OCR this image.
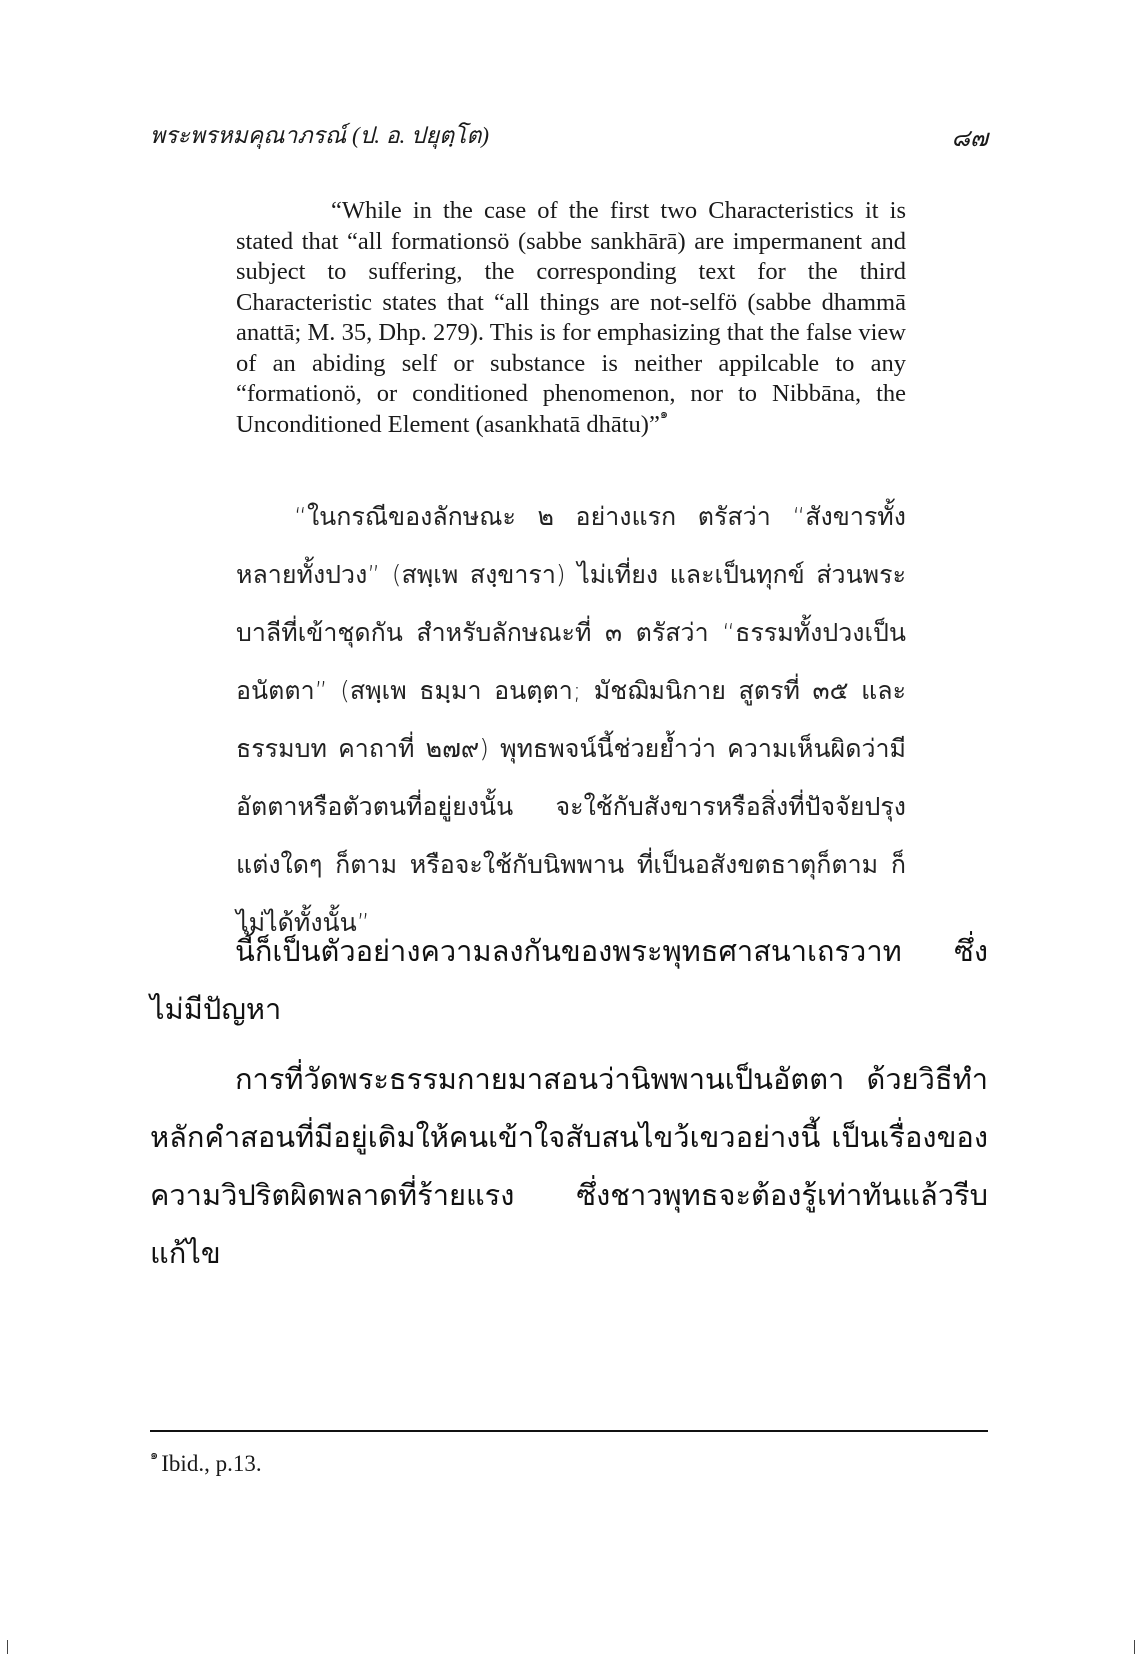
พระพรหมคุณาภรณ์ (ป. อ. ปยุตฺโต)	๘๗

“While in the case of the first two Characteristics it is stated that “all formationsö (sabbe sankhārā) are impermanent and subject to suffering, the corresponding text for the third Characteristic states that “all things are not-selfö (sabbe dhammā anattā; M. 35, Dhp. 279). This is for emphasizing that the false view of an abiding self or substance is neither appilcable to any “formationö, or conditioned phenomenon, nor to Nibbāna, the Unconditioned Element (asankhatā dhātu)”$^๑$

“ในกรณีของลักษณะ ๒ อย่างแรก ตรัสว่า “สังขารทั้งหลายทั้งปวง” (สพฺเพ สงฺขารา) ไม่เที่ยง และเป็นทุกข์ ส่วนพระบาลีที่เข้าชุดกัน สำหรับลักษณะที่ ๓ ตรัสว่า “ธรรมทั้งปวงเป็นอนัตตา” (สพฺเพ ธมฺมา อนตฺตา; มัชฌิมนิกาย สูตรที่ ๓๕ และธรรมบท คาถาที่ ๒๗๙) พุทธพจน์นี้ช่วยย้ำว่า ความเห็นผิดว่ามีอัตตาหรือตัวตนที่อยู่ยงนั้น จะใช้กับสังขารหรือสิ่งที่ปัจจัยปรุงแต่งใดๆ ก็ตาม หรือจะใช้กับนิพพาน ที่เป็นอสังขตธาตุก็ตาม ก็ไม่ได้ทั้งนั้น”

นี้ก็เป็นตัวอย่างความลงกันของพระพุทธศาสนาเถรวาท ซึ่งไม่มีปัญหา

การที่วัดพระธรรมกายมาสอนว่านิพพานเป็นอัตตา ด้วยวิธีทำหลักคำสอนที่มีอยู่เดิมให้คนเข้าใจสับสนไขว้เขวอย่างนี้ เป็นเรื่องของความวิปริตผิดพลาดที่ร้ายแรง ซึ่งชาวพุทธจะต้องรู้เท่าทันแล้วรีบแก้ไข

$^๑$ Ibid., p.13.
